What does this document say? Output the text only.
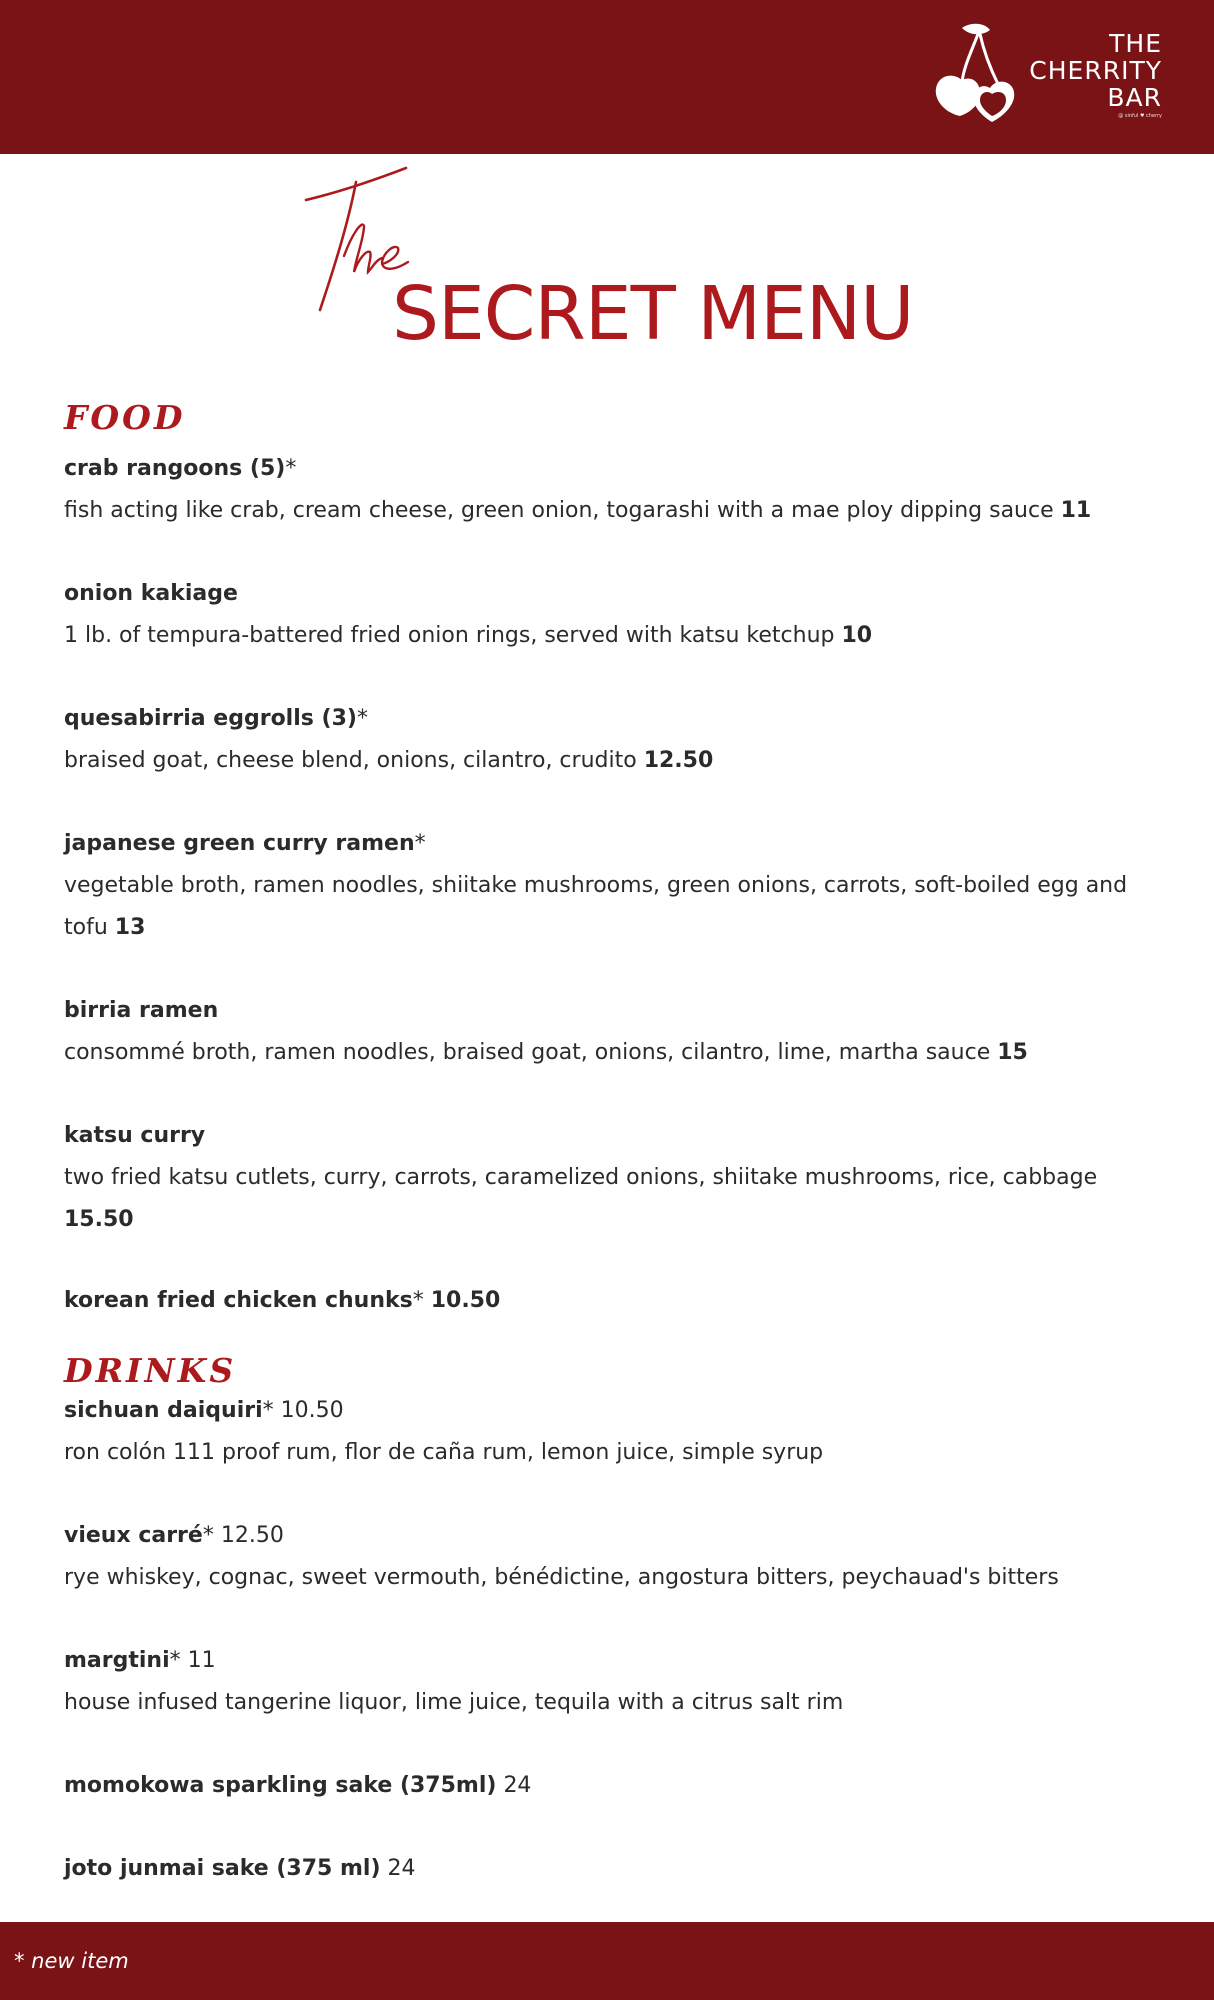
THE
CHERRITY
BAR
@ sinful ♥ cherry
SECRET MENU
FOOD
crab rangoons (5)*
fish acting like crab, cream cheese, green onion, togarashi with a mae ploy dipping sauce 11
onion kakiage
1 lb. of tempura-battered fried onion rings, served with katsu ketchup 10
quesabirria eggrolls (3)*
braised goat, cheese blend, onions, cilantro, crudito 12.50
japanese green curry ramen*
vegetable broth, ramen noodles, shiitake mushrooms, green onions, carrots, soft-boiled egg and tofu 13
birria ramen
consommé broth, ramen noodles, braised goat, onions, cilantro, lime, martha sauce 15
katsu curry
two fried katsu cutlets, curry, carrots, caramelized onions, shiitake mushrooms, rice, cabbage 15.50
korean fried chicken chunks* 10.50
DRINKS
sichuan daiquiri* 10.50
ron colón 111 proof rum, flor de caña rum, lemon juice, simple syrup
vieux carré* 12.50
rye whiskey, cognac, sweet vermouth, bénédictine, angostura bitters, peychauad's bitters
margtini* 11
house infused tangerine liquor, lime juice, tequila with a citrus salt rim
momokowa sparkling sake (375ml) 24
joto junmai sake (375 ml) 24
* new item
